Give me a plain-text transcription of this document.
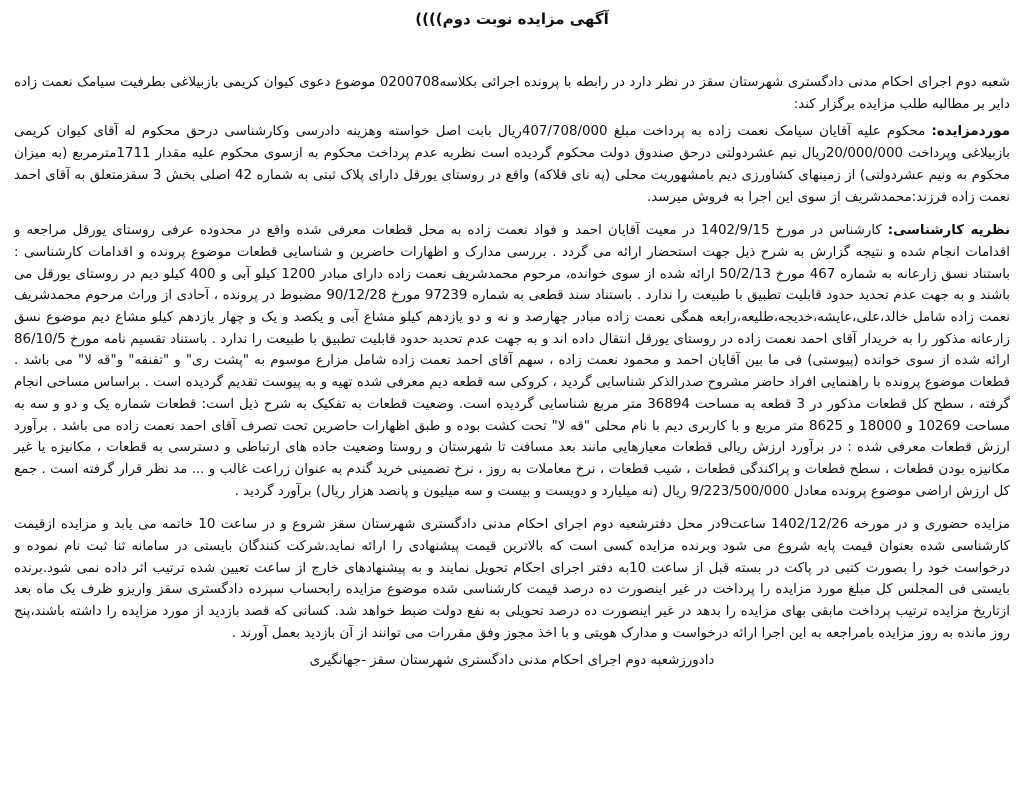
آگهی مزایده نوبت دوم))))

شعبه دوم اجرای احکام مدنی دادگستری شهرستان سقز در نظر دارد در رابطه با پرونده اجرائی بکلاسه0200708 موضوع دعوی کیوان کریمی بازبیلاغی بطرفیت سیامک نعمت زاده دایر بر مطالبه طلب مزایده برگزار کند:

موردمزایده: محکوم علیه آقایان سیامک نعمت زاده به پرداخت مبلغ 407/708/000ریال بابت اصل خواسته وهزینه دادرسی وکارشناسی درحق محکوم له آقای کیوان کریمی بازبیلاغی وپرداخت 20/000/000ریال نیم عشردولتی درحق صندوق دولت محکوم گردیده است نظربه عدم پرداخت محکوم به ازسوی محکوم علیه مقدار 1711مترمربع (به میزان محکوم به ونیم عشردولتی) از زمینهای کشاورزی دیم بامشهوریت محلی (په نای قلاکه) واقع در روستای یورقل دارای پلاک ثبتی به شماره 42 اصلی بخش 3 سقزمتعلق به آقای احمد نعمت زاده فرزند:محمدشریف از سوی این اجرا به فروش میرسد.

نظریه کارشناسی: کارشناس در مورخ 1402/9/15 در معیت آقایان احمد و فواد نعمت زاده به محل قطعات معرفی شده واقع در محدوده عرفی روستای یورقل مراجعه و اقدامات انجام شده و نتیجه گزارش به شرح ذیل جهت استحضار ارائه می گردد . بررسی مدارک و اظهارات حاضرین و شناسایی قطعات موضوع پرونده و اقدامات کارشناسی : باستناد نسق زارعانه به شماره 467 مورخ 50/2/13 ارائه شده از سوی خوانده، مرحوم محمدشریف نعمت زاده دارای مبادر 1200 کیلو آبی و 400 کیلو دیم در روستای یورقل می باشند و به جهت عدم تحدید حدود قابلیت تطبیق با طبیعت را ندارد . باستناد سند قطعی به شماره 97239 مورخ 90/12/28 مضبوط در پرونده ، آحادی از وراث مرحوم محمدشریف نعمت زاده شامل خالد،علی،عایشه،خدیجه،طلیعه،رابعه همگی نعمت زاده مبادر چهارصد و نه و دو یازدهم کیلو مشاع آبی و یکصد و یک و چهار یازدهم کیلو مشاع دیم موضوع نسق زارعانه مذکور را به خریدار آقای احمد نعمت زاده در روستای یورقل انتقال داده اند و به جهت عدم تحدید حدود قابلیت تطبیق با طبیعت را ندارد . باستناد تقسیم نامه مورخ 86/10/5 ارائه شده از سوی خوانده (پیوستی) فی ما بین آقایان احمد و محمود نعمت زاده ، سهم آقای احمد نعمت زاده شامل مزارع موسوم به "پشت ری" و "تفنقه" و"قه لا" می باشد . قطعات موضوع پرونده با راهنمایی افراد حاضر مشروح صدرالذکر شناسایی گردید ، کروکی سه قطعه دیم معرفی شده تهیه و به پیوست تقدیم گردیده است . براساس مساحی انجام گرفته ، سطح کل قطعات مذکور در 3 قطعه به مساحت 36894 متر مربع شناسایی گردیده است. وضعیت قطعات به تفکیک به شرح ذیل است: قطعات شماره یک و دو و سه به مساحت 10269 و 18000 و 8625 متر مربع و با کاربری دیم با نام محلی "قه لا" تحت کشت بوده و طبق اظهارات حاضرین تحت تصرف آقای احمد نعمت زاده می باشد . برآورد ارزش قطعات معرفی شده : در برآورد ارزش ریالی قطعات معیارهایی مانند بعد مسافت تا شهرستان و روستا وضعیت جاده های ارتباطی و دسترسی به قطعات ، مکانیزه یا غیر مکانیزه بودن قطعات ، سطح قطعات و پراکندگی قطعات ، شیب قطعات ، نرخ معاملات به روز ، نرخ تضمینی خرید گندم به عنوان زراعت غالب و ... مد نظر قرار گرفته است . جمع کل ارزش اراضی موضوع پرونده معادل 9/223/500/000 ریال (نه میلیارد و دویست و بیست و سه میلیون و پانصد هزار ریال) برآورد گردید .

مزایده حضوری و در مورخه 1402/12/26 ساعت9در محل دفترشعبه دوم اجرای احکام مدنی دادگستری شهرستان سقز شروع و در ساعت 10 خاتمه می یابد و مزایده ازقیمت کارشناسی شده بعنوان قیمت پایه شروع می شود وبرنده مزایده کسی است که بالاترین قیمت پیشنهادی را ارائه نماید.شرکت کنندگان بایستی در سامانه ثنا ثبت نام نموده و درخواست خود را بصورت کتبی در پاکت در بسته قبل از ساعت 10به دفتر اجرای احکام تحویل نمایند و به پیشنهادهای خارج از ساعت تعیین شده ترتیب اثر داده نمی شود.برنده بایستی فی المجلس کل مبلغ مورد مزایده را پرداخت در غیر اینصورت ده درصد قیمت کارشناسی شده موضوع مزایده رابحساب سپرده دادگستری سقز واریزو ظرف یک ماه بعد ازتاریخ مزایده ترتیب پرداخت مابقی بهای مزایده را بدهد در غیر اینصورت ده درصد تحویلی به نفع دولت ضبط خواهد شد. کسانی که قصد بازدید از مورد مزایده را داشته باشند،پنج روز مانده به روز مزایده بامراجعه به این اجرا ارائه درخواست و مدارک هویتی و با اخذ مجوز وفق مقررات می توانند از آن بازدید بعمل آورند .

دادورزشعبه دوم اجرای احکام مدنی دادگستری شهرستان سقز -جهانگیری
